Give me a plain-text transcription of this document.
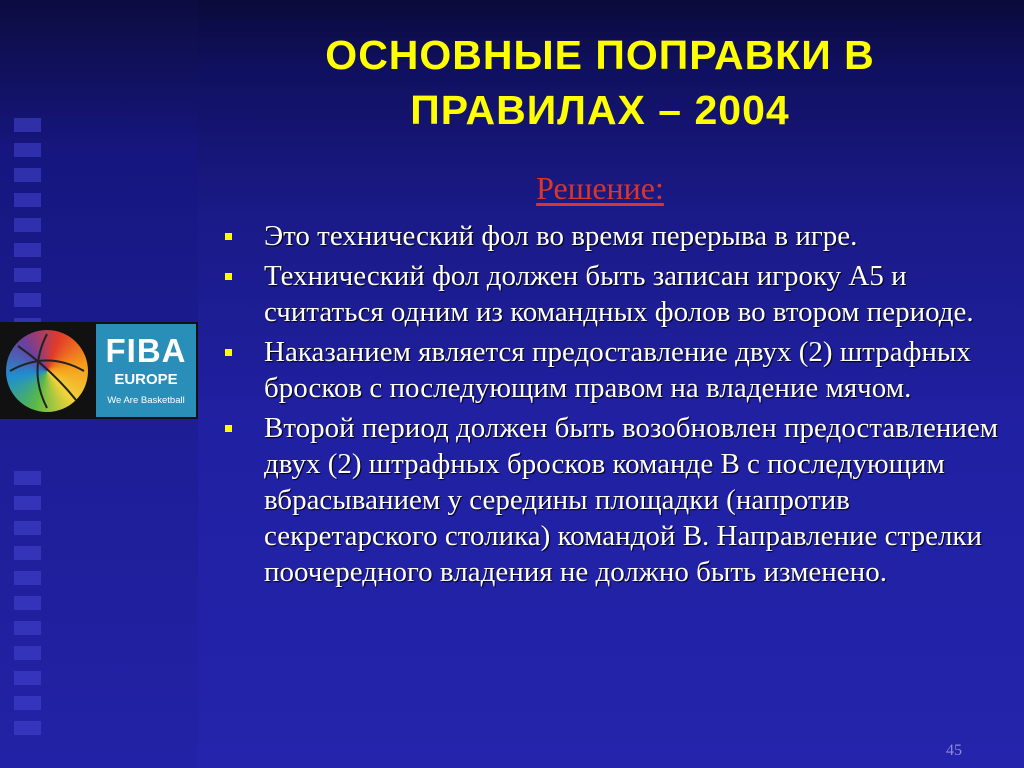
FIBA
EUROPE
We Are Basketball
ОСНОВНЫЕ ПОПРАВКИ В
ПРАВИЛАХ – 2004
Решение:
Это технический фол во время перерыва в игре.
Технический фол должен быть записан игроку А5 и считаться одним из командных фолов во втором периоде.
Наказанием является предоставление двух (2) штрафных бросков с последующим правом на владение мячом.
Второй период должен быть возобновлен предоставлением двух (2) штрафных бросков команде В с последующим вбрасыванием у середины площадки (напротив секретарского столика) командой В. Направление стрелки поочередного владения не должно быть изменено.
45
